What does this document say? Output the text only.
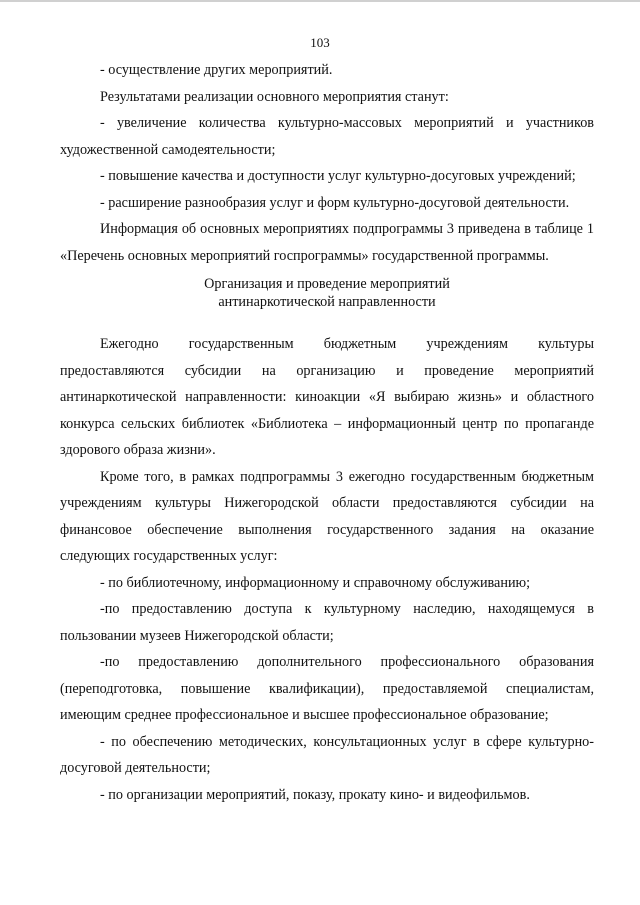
103

- осуществление других мероприятий.

Результатами реализации основного мероприятия станут:

- увеличение количества культурно-массовых мероприятий и участников художественной самодеятельности;

- повышение качества и доступности услуг культурно-досуговых учреждений;

- расширение разнообразия услуг и форм культурно-досуговой деятельности.

Информация об основных мероприятиях подпрограммы 3 приведена в таблице 1 «Перечень основных мероприятий госпрограммы» государственной программы.

Организация и проведение мероприятий
антинаркотической направленности

Ежегодно государственным бюджетным учреждениям культуры предоставляются субсидии на организацию и проведение мероприятий антинаркотической направленности: киноакции «Я выбираю жизнь» и областного конкурса сельских библиотек «Библиотека – информационный центр по пропаганде здорового образа жизни».

Кроме того, в рамках подпрограммы 3 ежегодно государственным бюджетным учреждениям культуры Нижегородской области предоставляются субсидии на финансовое обеспечение выполнения государственного задания на оказание следующих государственных услуг:

- по библиотечному, информационному и справочному обслуживанию;

-по предоставлению доступа к культурному наследию, находящемуся в пользовании музеев Нижегородской области;

-по предоставлению дополнительного профессионального образования (переподготовка, повышение квалификации), предоставляемой специалистам, имеющим среднее профессиональное и высшее профессиональное образование;

- по обеспечению методических, консультационных услуг в сфере культурно-досуговой деятельности;

- по организации мероприятий, показу, прокату кино- и видеофильмов.
